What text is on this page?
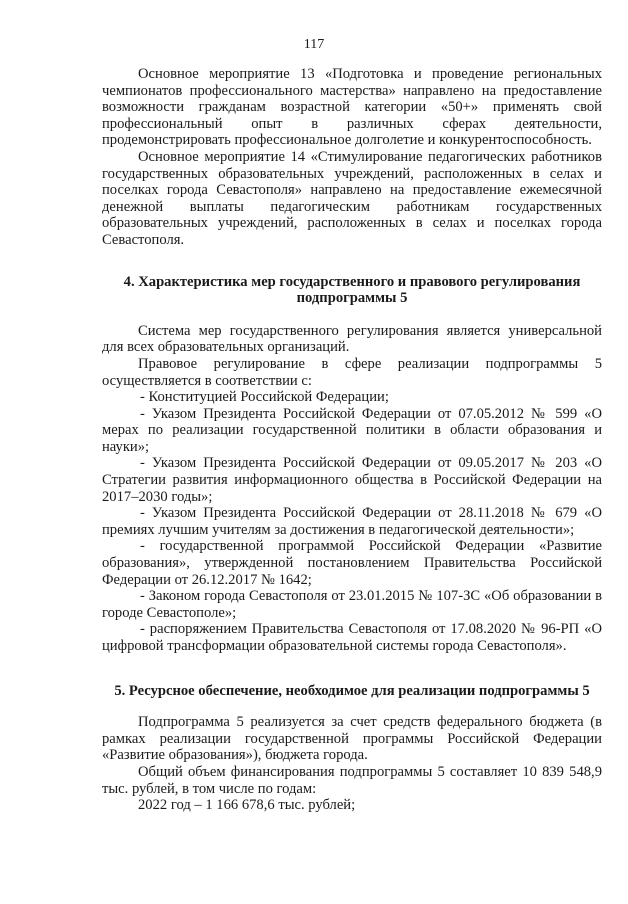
117

Основное мероприятие 13 «Подготовка и проведение региональных чемпионатов профессионального мастерства» направлено на предоставление возможности гражданам возрастной категории «50+» применять свой профессиональный опыт в различных сферах деятельности, продемонстрировать профессиональное долголетие и конкурентоспособность.

Основное мероприятие 14 «Стимулирование педагогических работников государственных образовательных учреждений, расположенных в селах и поселках города Севастополя» направлено на предоставление ежемесячной денежной выплаты педагогическим работникам государственных образовательных учреждений, расположенных в селах и поселках города Севастополя.

4. Характеристика мер государственного и правового регулирования
подпрограммы 5

Система мер государственного регулирования является универсальной для всех образовательных организаций.

Правовое регулирование в сфере реализации подпрограммы 5 осуществляется в соответствии с:

- Конституцией Российской Федерации;

- Указом Президента Российской Федерации от 07.05.2012 № 599 «О мерах по реализации государственной политики в области образования и науки»;

- Указом Президента Российской Федерации от 09.05.2017 № 203 «О Стратегии развития информационного общества в Российской Федерации на 2017–2030 годы»;

- Указом Президента Российской Федерации от 28.11.2018 № 679 «О премиях лучшим учителям за достижения в педагогической деятельности»;

- государственной программой Российской Федерации «Развитие образования», утвержденной постановлением Правительства Российской Федерации от 26.12.2017 № 1642;

- Законом города Севастополя от 23.01.2015 № 107-ЗС «Об образовании в городе Севастополе»;

- распоряжением Правительства Севастополя от 17.08.2020 № 96-РП «О цифровой трансформации образовательной системы города Севастополя».

5. Ресурсное обеспечение, необходимое для реализации подпрограммы 5

Подпрограмма 5 реализуется за счет средств федерального бюджета (в рамках реализации государственной программы Российской Федерации «Развитие образования»), бюджета города.

Общий объем финансирования подпрограммы 5 составляет 10 839 548,9 тыс. рублей, в том числе по годам:

2022 год – 1 166 678,6 тыс. рублей;
